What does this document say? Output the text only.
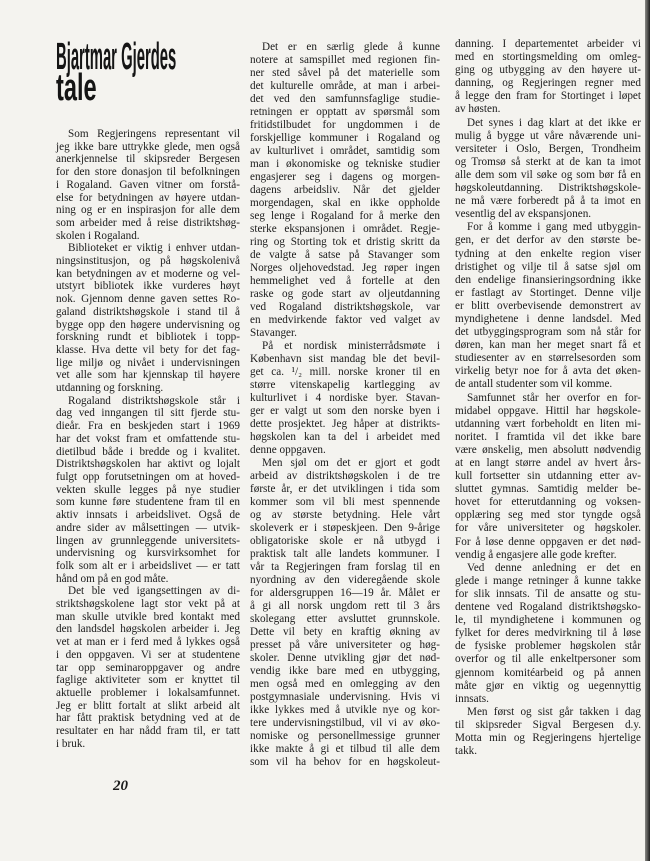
Bjartmar Gjerdes
tale
Som Regjeringens representant vil
jeg ikke bare uttrykke glede, men også
anerkjennelse til skipsreder Bergesen
for den store donasjon til befolkningen
i Rogaland. Gaven vitner om forstå-
else for betydningen av høyere utdan-
ning og er en inspirasjon for alle dem
som arbeider med å reise distriktshøg-
skolen i Rogaland.
Biblioteket er viktig i enhver utdan-
ningsinstitusjon, og på høgskolenivå
kan betydningen av et moderne og vel-
utstyrt bibliotek ikke vurderes høyt
nok. Gjennom denne gaven settes Ro-
galand distriktshøgskole i stand til å
bygge opp den høgere undervisning og
forskning rundt et bibliotek i topp-
klasse. Hva dette vil bety for det fag-
lige miljø og nivået i undervisningen
vet alle som har kjennskap til høyere
utdanning og forskning.
Rogaland distriktshøgskole står i
dag ved inngangen til sitt fjerde stu-
dieår. Fra en beskjeden start i 1969
har det vokst fram et omfattende stu-
dietilbud både i bredde og i kvalitet.
Distriktshøgskolen har aktivt og lojalt
fulgt opp forutsetningen om at hoved-
vekten skulle legges på nye studier
som kunne føre studentene fram til en
aktiv innsats i arbeidslivet. Også de
andre sider av målsettingen — utvik-
lingen av grunnleggende universitets-
undervisning og kursvirksomhet for
folk som alt er i arbeidslivet — er tatt
hånd om på en god måte.
Det ble ved igangsettingen av di-
striktshøgskolene lagt stor vekt på at
man skulle utvikle bred kontakt med
den landsdel høgskolen arbeider i. Jeg
vet at man er i ferd med å lykkes også
i den oppgaven. Vi ser at studentene
tar opp seminaroppgaver og andre
faglige aktiviteter som er knyttet til
aktuelle problemer i lokalsamfunnet.
Jeg er blitt fortalt at slikt arbeid alt
har fått praktisk betydning ved at de
resultater en har nådd fram til, er tatt
i bruk.
Det er en særlig glede å kunne
notere at samspillet med regionen fin-
ner sted såvel på det materielle som
det kulturelle område, at man i arbei-
det ved den samfunnsfaglige studie-
retningen er opptatt av spørsmål som
fritidstilbudet for ungdommen i de
forskjellige kommuner i Rogaland og
av kulturlivet i området, samtidig som
man i økonomiske og tekniske studier
engasjerer seg i dagens og morgen-
dagens arbeidsliv. Når det gjelder
morgendagen, skal en ikke oppholde
seg lenge i Rogaland for å merke den
sterke ekspansjonen i området. Regje-
ring og Storting tok et dristig skritt da
de valgte å satse på Stavanger som
Norges oljehovedstad. Jeg røper ingen
hemmelighet ved å fortelle at den
raske og gode start av oljeutdanning
ved Rogaland distriktshøgskole, var
en medvirkende faktor ved valget av
Stavanger.
På et nordisk ministerrådsmøte i
København sist mandag ble det bevil-
get ca. ¹/₂ mill. norske kroner til en
større vitenskapelig kartlegging av
kulturlivet i 4 nordiske byer. Stavan-
ger er valgt ut som den norske byen i
dette prosjektet. Jeg håper at distrikts-
høgskolen kan ta del i arbeidet med
denne oppgaven.
Men sjøl om det er gjort et godt
arbeid av distriktshøgskolen i de tre
første år, er det utviklingen i tida som
kommer som vil bli mest spennende
og av største betydning. Hele vårt
skoleverk er i støpeskjeen. Den 9-årige
obligatoriske skole er nå utbygd i
praktisk talt alle landets kommuner. I
vår ta Regjeringen fram forslag til en
nyordning av den videregående skole
for aldersgruppen 16—19 år. Målet er
å gi all norsk ungdom rett til 3 års
skolegang etter avsluttet grunnskole.
Dette vil bety en kraftig økning av
presset på våre universiteter og høg-
skoler. Denne utvikling gjør det nød-
vendig ikke bare med en utbygging,
men også med en omlegging av den
postgymnasiale undervisning. Hvis vi
ikke lykkes med å utvikle nye og kor-
tere undervisningstilbud, vil vi av øko-
nomiske og personellmessige grunner
ikke makte å gi et tilbud til alle dem
som vil ha behov for en høgskoleut-
danning. I departementet arbeider vi
med en stortingsmelding om omleg-
ging og utbygging av den høyere ut-
danning, og Regjeringen regner med
å legge den fram for Stortinget i løpet
av høsten.
Det synes i dag klart at det ikke er
mulig å bygge ut våre nåværende uni-
versiteter i Oslo, Bergen, Trondheim
og Tromsø så sterkt at de kan ta imot
alle dem som vil søke og som bør få en
høgskoleutdanning. Distriktshøgskole-
ne må være forberedt på å ta imot en
vesentlig del av ekspansjonen.
For å komme i gang med utbyggin-
gen, er det derfor av den største be-
tydning at den enkelte region viser
dristighet og vilje til å satse sjøl om
den endelige finansieringsordning ikke
er fastlagt av Stortinget. Denne vilje
er blitt overbevisende demonstrert av
myndighetene i denne landsdel. Med
det utbyggingsprogram som nå står for
døren, kan man her meget snart få et
studiesenter av en størrelsesorden som
virkelig betyr noe for å avta det øken-
de antall studenter som vil komme.
Samfunnet står her overfor en for-
midabel oppgave. Hittil har høgskole-
utdanning vært forbeholdt en liten mi-
noritet. I framtida vil det ikke bare
være ønskelig, men absolutt nødvendig
at en langt større andel av hvert års-
kull fortsetter sin utdanning etter av-
sluttet gymnas. Samtidig melder be-
hovet for etterutdanning og voksen-
opplæring seg med stor tyngde også
for våre universiteter og høgskoler.
For å løse denne oppgaven er det nød-
vendig å engasjere alle gode krefter.
Ved denne anledning er det en
glede i mange retninger å kunne takke
for slik innsats. Til de ansatte og stu-
dentene ved Rogaland distriktshøgsko-
le, til myndighetene i kommunen og
fylket for deres medvirkning til å løse
de fysiske problemer høgskolen står
overfor og til alle enkeltpersoner som
gjennom komitéarbeid og på annen
måte gjør en viktig og uegennyttig
innsats.
Men først og sist går takken i dag
til skipsreder Sigval Bergesen d.y.
Motta min og Regjeringens hjertelige
takk.
20
